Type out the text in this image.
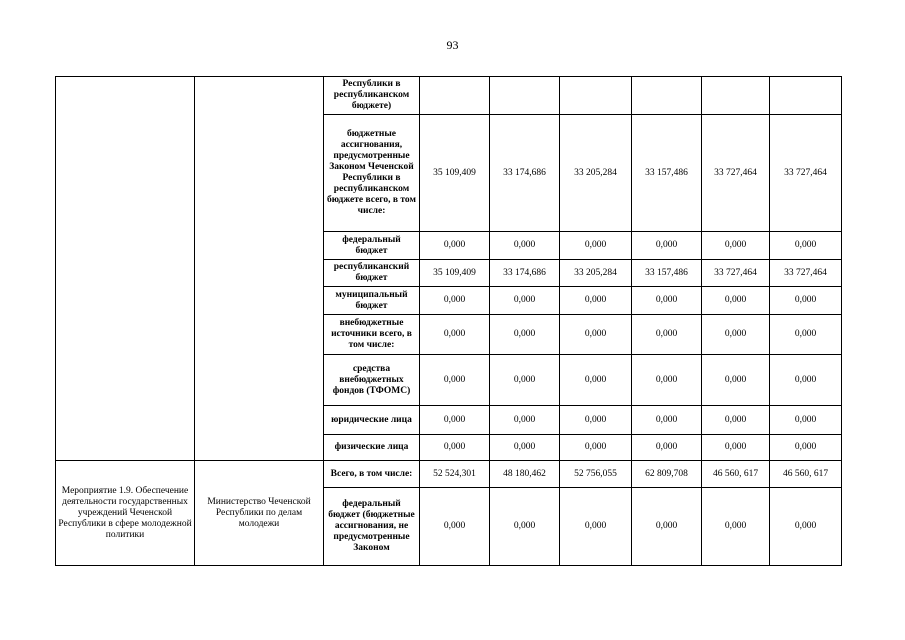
93
		Республики в республиканском бюджете)						
		бюджетные ассигнования, предусмотренные Законом Чеченской Республики в республиканском бюджете всего, в том числе:	35 109,409	33 174,686	33 205,284	33 157,486	33 727,464	33 727,464
		федеральный бюджет	0,000	0,000	0,000	0,000	0,000	0,000
		республиканский бюджет	35 109,409	33 174,686	33 205,284	33 157,486	33 727,464	33 727,464
		муниципальный бюджет	0,000	0,000	0,000	0,000	0,000	0,000
		внебюджетные источники всего, в том числе:	0,000	0,000	0,000	0,000	0,000	0,000
		средства внебюджетных фондов (ТФОМС)	0,000	0,000	0,000	0,000	0,000	0,000
		юридические лица	0,000	0,000	0,000	0,000	0,000	0,000
		физические лица	0,000	0,000	0,000	0,000	0,000	0,000
Мероприятие 1.9. Обеспечение деятельности государственных учреждений Чеченской Республики в сфере молодежной политики	Министерство Чеченской Республики по делам молодежи	Всего, в том числе:	52 524,301	48 180,462	52 756,055	62 809,708	46 560, 617	46 560, 617
		федеральный бюджет (бюджетные ассигнования, не предусмотренные Законом	0,000	0,000	0,000	0,000	0,000	0,000
